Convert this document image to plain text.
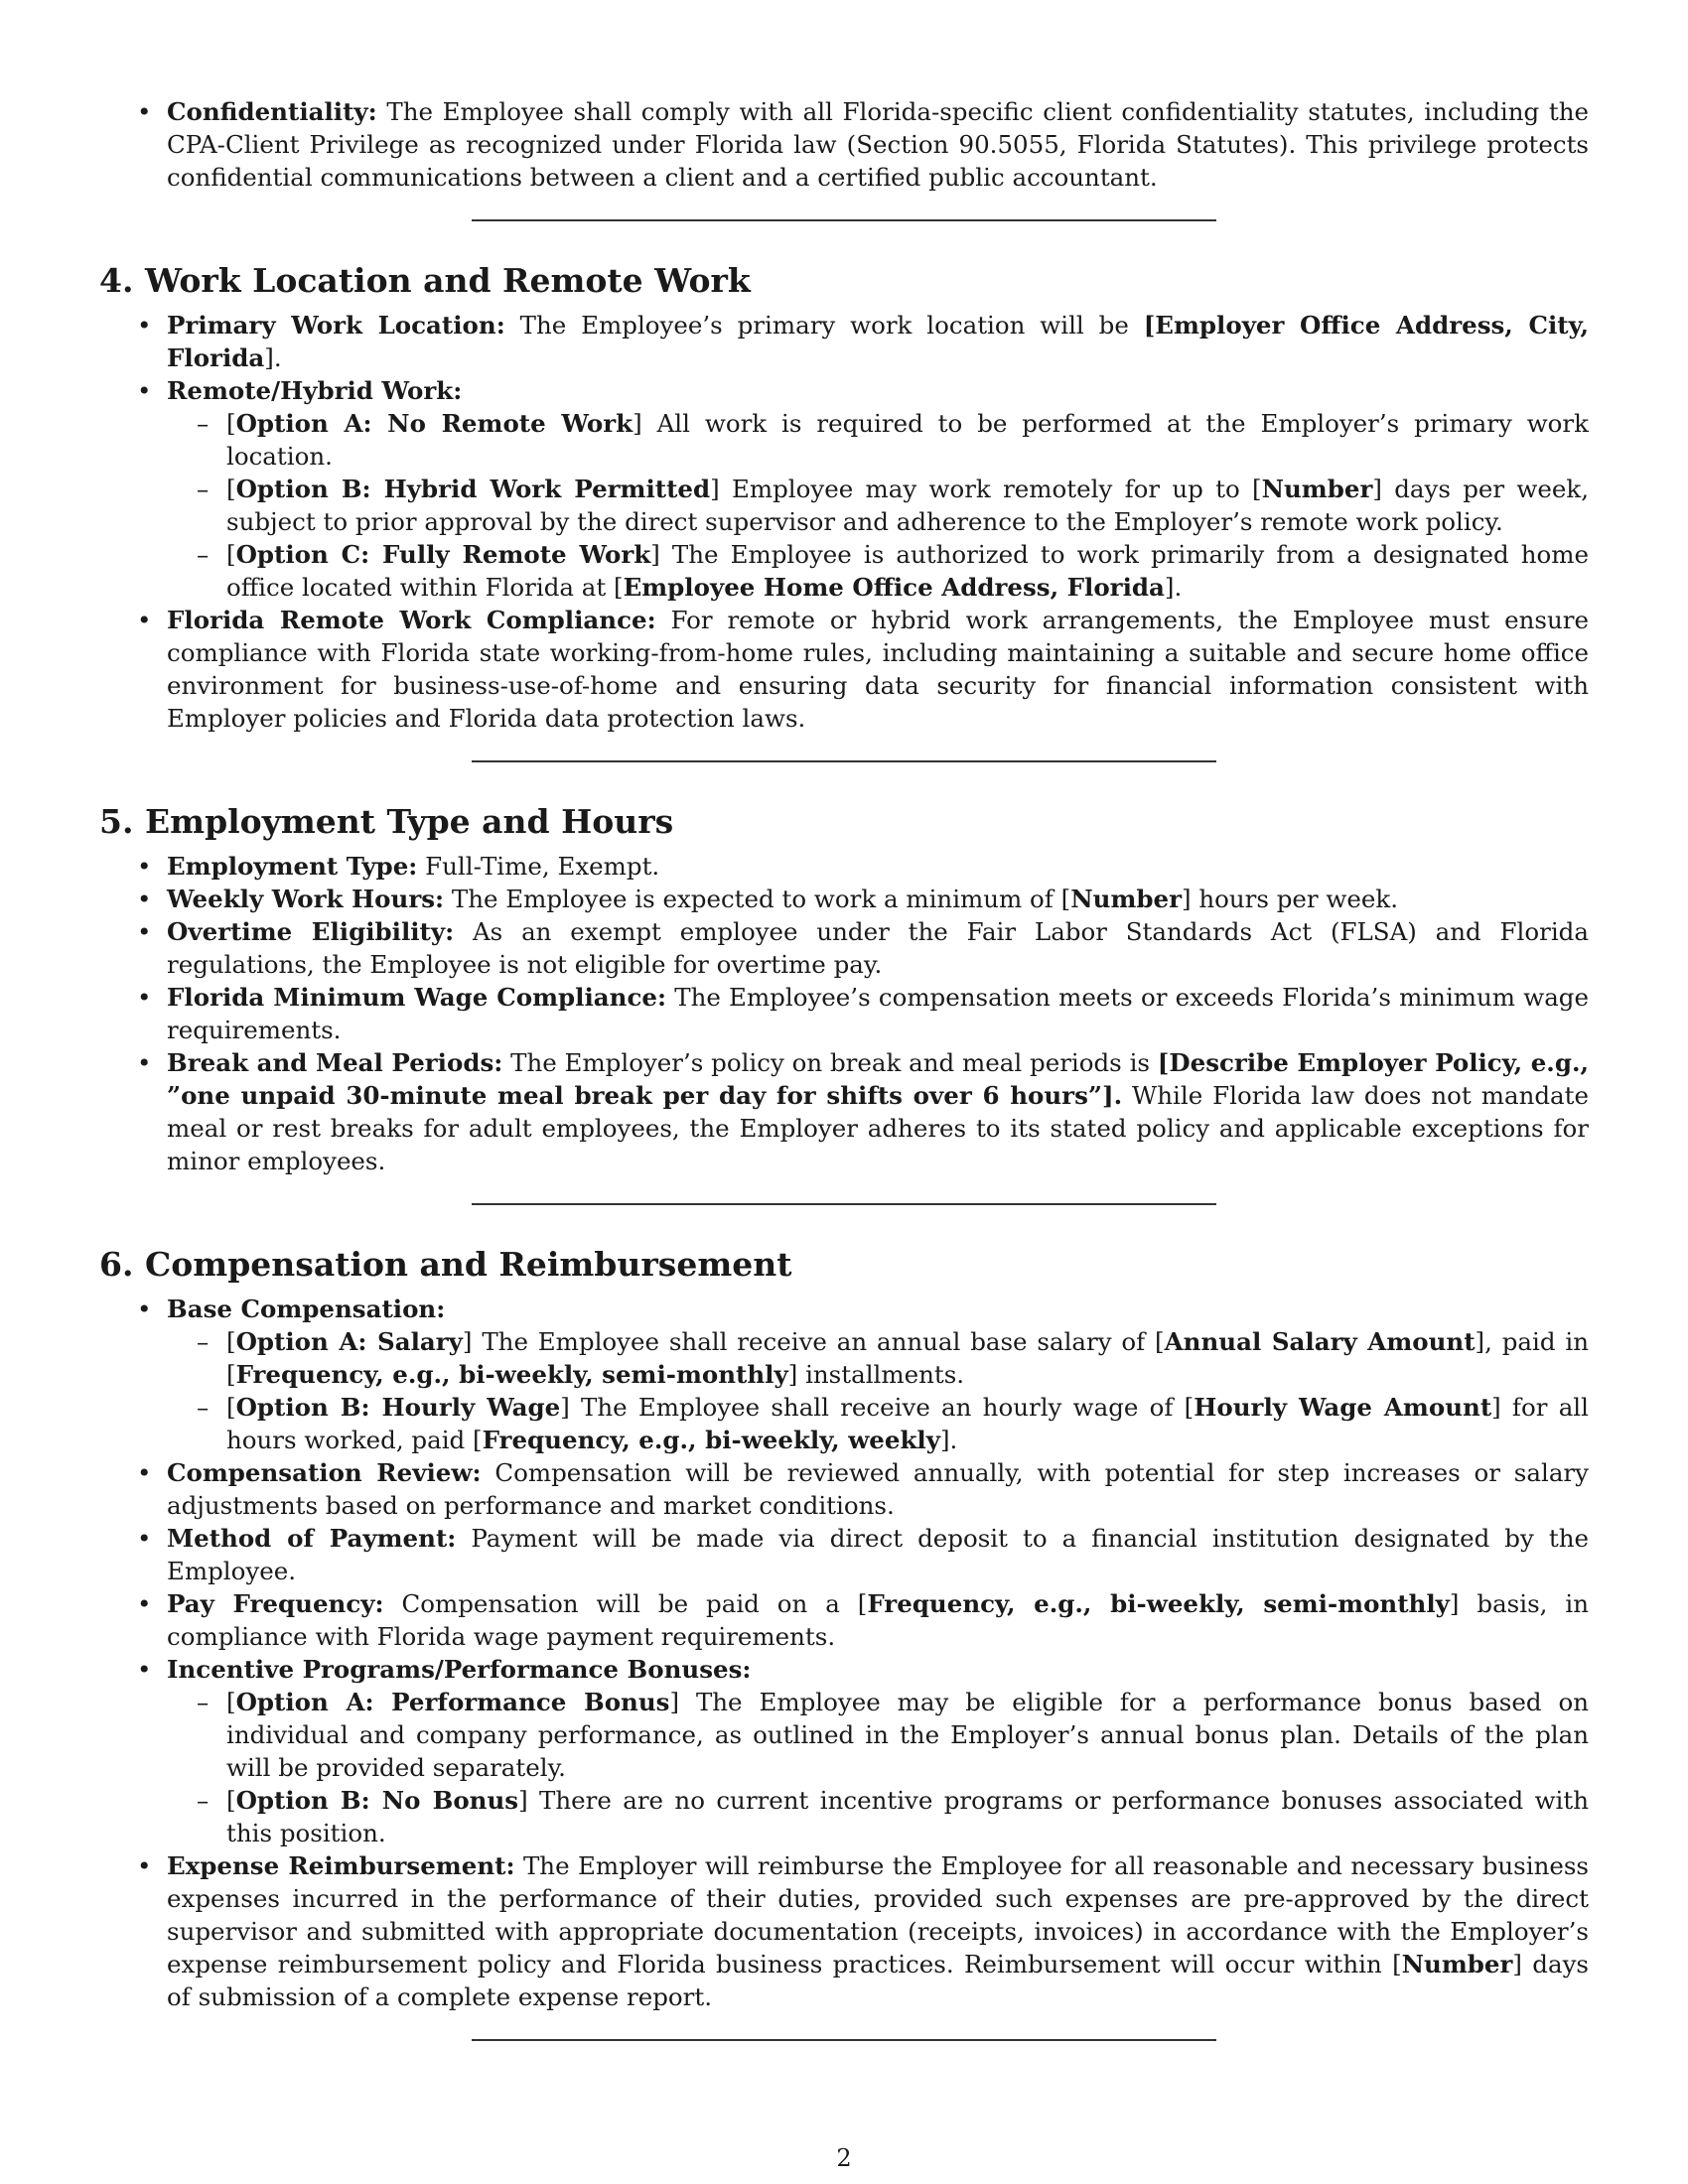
• Confidentiality: The Employee shall comply with all Florida-specific client confidentiality statutes, including the CPA-Client Privilege as recognized under Florida law (Section 90.5055, Florida Statutes). This privilege protects confidential communications between a client and a certified public accountant.
4. Work Location and Remote Work
• Primary Work Location: The Employee’s primary work location will be [Employer Office Address, City, Florida].
• Remote/Hybrid Work:
– [Option A: No Remote Work] All work is required to be performed at the Employer’s primary work location.
– [Option B: Hybrid Work Permitted] Employee may work remotely for up to [Number] days per week, subject to prior approval by the direct supervisor and adherence to the Employer’s remote work policy.
– [Option C: Fully Remote Work] The Employee is authorized to work primarily from a designated home office located within Florida at [Employee Home Office Address, Florida].
• Florida Remote Work Compliance: For remote or hybrid work arrangements, the Employee must ensure compliance with Florida state working-from-home rules, including maintaining a suitable and secure home office environment for business-use-of-home and ensuring data security for financial information consistent with Employer policies and Florida data protection laws.
5. Employment Type and Hours
• Employment Type: Full-Time, Exempt.
• Weekly Work Hours: The Employee is expected to work a minimum of [Number] hours per week.
• Overtime Eligibility: As an exempt employee under the Fair Labor Standards Act (FLSA) and Florida regulations, the Employee is not eligible for overtime pay.
• Florida Minimum Wage Compliance: The Employee’s compensation meets or exceeds Florida’s minimum wage requirements.
• Break and Meal Periods: The Employer’s policy on break and meal periods is [Describe Employer Policy, e.g., ”one unpaid 30-minute meal break per day for shifts over 6 hours”]. While Florida law does not mandate meal or rest breaks for adult employees, the Employer adheres to its stated policy and applicable exceptions for minor employees.
6. Compensation and Reimbursement
• Base Compensation:
– [Option A: Salary] The Employee shall receive an annual base salary of [Annual Salary Amount], paid in [Frequency, e.g., bi-weekly, semi-monthly] installments.
– [Option B: Hourly Wage] The Employee shall receive an hourly wage of [Hourly Wage Amount] for all hours worked, paid [Frequency, e.g., bi-weekly, weekly].
• Compensation Review: Compensation will be reviewed annually, with potential for step increases or salary adjustments based on performance and market conditions.
• Method of Payment: Payment will be made via direct deposit to a financial institution designated by the Employee.
• Pay Frequency: Compensation will be paid on a [Frequency, e.g., bi-weekly, semi-monthly] basis, in compliance with Florida wage payment requirements.
• Incentive Programs/Performance Bonuses:
– [Option A: Performance Bonus] The Employee may be eligible for a performance bonus based on individual and company performance, as outlined in the Employer’s annual bonus plan. Details of the plan will be provided separately.
– [Option B: No Bonus] There are no current incentive programs or performance bonuses associated with this position.
• Expense Reimbursement: The Employer will reimburse the Employee for all reasonable and necessary business expenses incurred in the performance of their duties, provided such expenses are pre-approved by the direct supervisor and submitted with appropriate documentation (receipts, invoices) in accordance with the Employer’s expense reimbursement policy and Florida business practices. Reimbursement will occur within [Number] days of submission of a complete expense report.
2
